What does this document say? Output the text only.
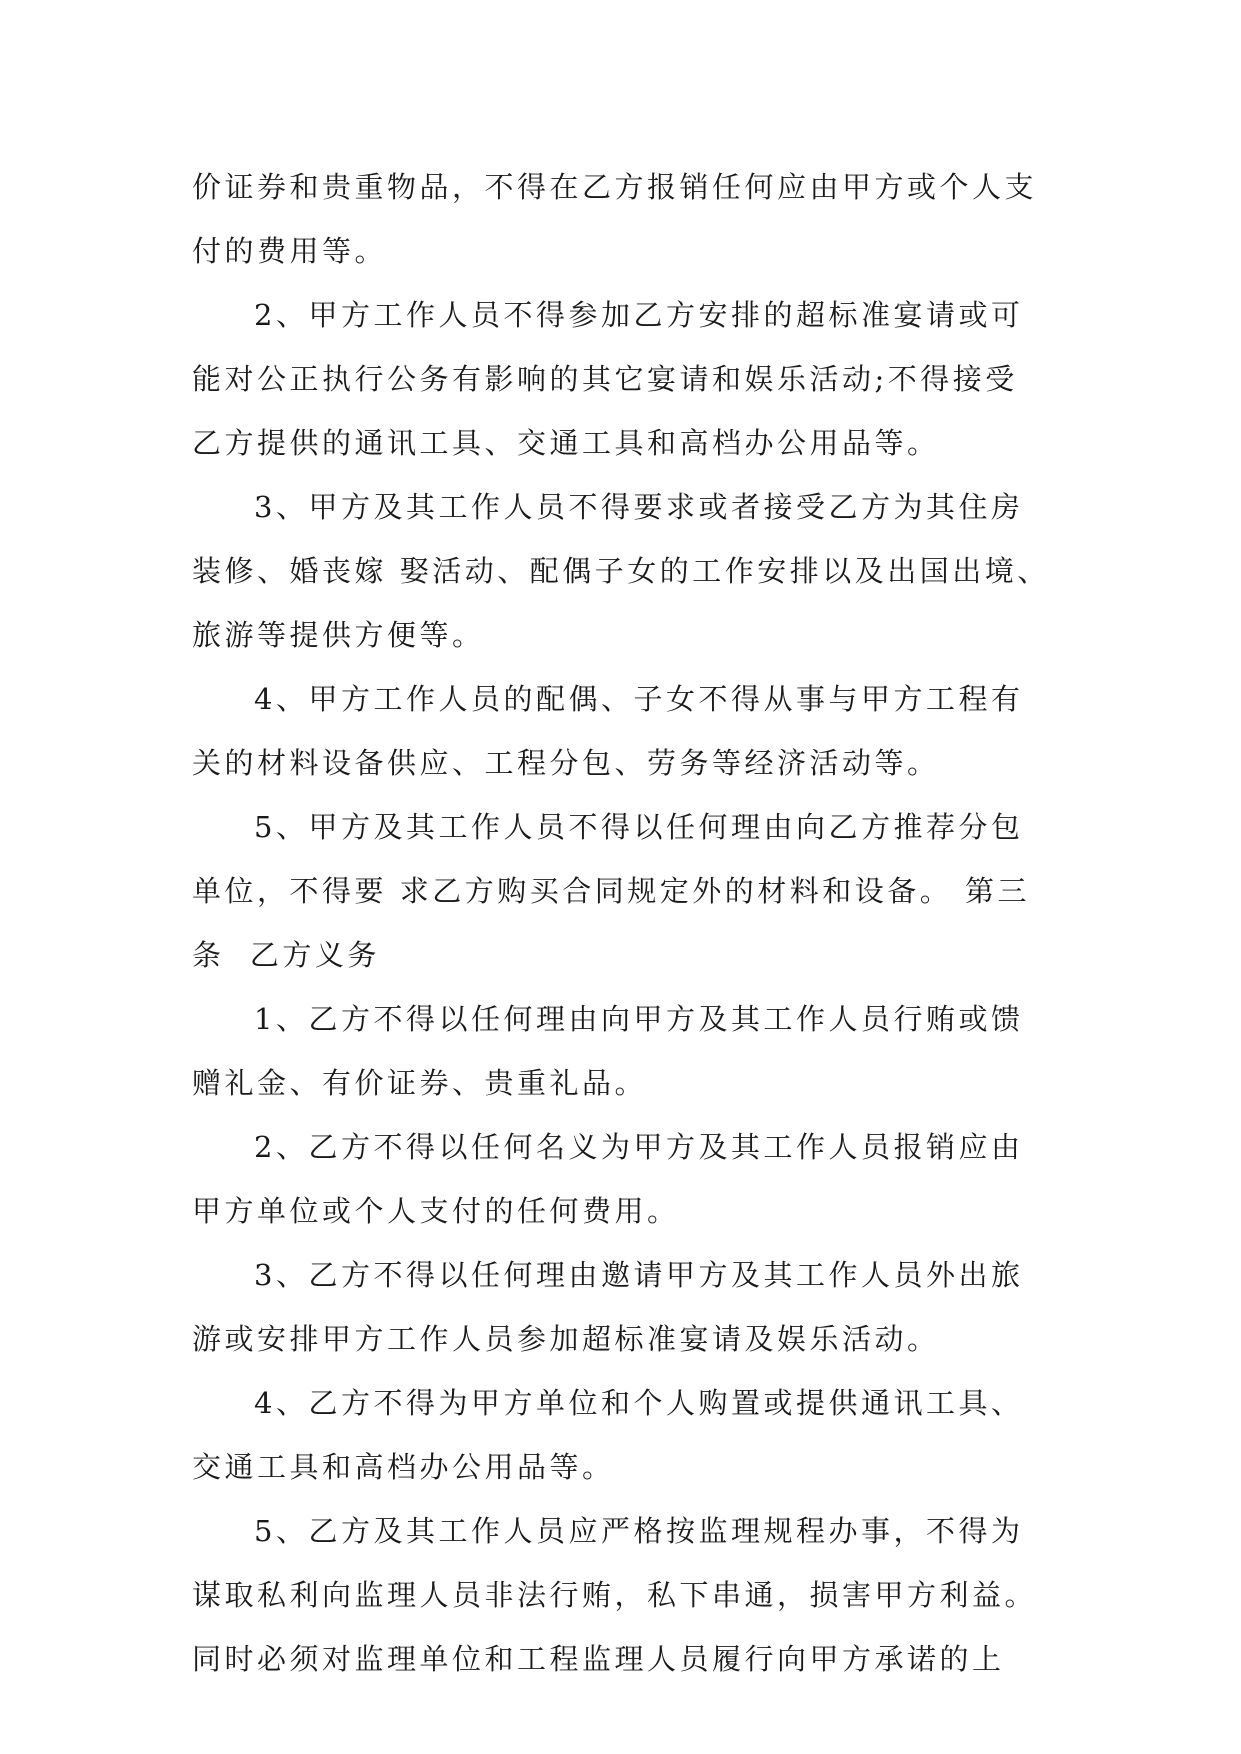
价证券和贵重物品，不得在乙方报销任何应由甲方或个人支
付的费用等。
2、甲方工作人员不得参加乙方安排的超标准宴请或可
能对公正执行公务有影响的其它宴请和娱乐活动;不得接受
乙方提供的通讯工具、交通工具和高档办公用品等。
3、甲方及其工作人员不得要求或者接受乙方为其住房
装修、婚丧嫁 娶活动、配偶子女的工作安排以及出国出境、
旅游等提供方便等。
4、甲方工作人员的配偶、子女不得从事与甲方工程有
关的材料设备供应、工程分包、劳务等经济活动等。
5、甲方及其工作人员不得以任何理由向乙方推荐分包
单位，不得要 求乙方购买合同规定外的材料和设备。 第三
条  乙方义务
1、乙方不得以任何理由向甲方及其工作人员行贿或馈
赠礼金、有价证券、贵重礼品。
2、乙方不得以任何名义为甲方及其工作人员报销应由
甲方单位或个人支付的任何费用。
3、乙方不得以任何理由邀请甲方及其工作人员外出旅
游或安排甲方工作人员参加超标准宴请及娱乐活动。
4、乙方不得为甲方单位和个人购置或提供通讯工具、
交通工具和高档办公用品等。
5、乙方及其工作人员应严格按监理规程办事，不得为
谋取私利向监理人员非法行贿，私下串通，损害甲方利益。
同时必须对监理单位和工程监理人员履行向甲方承诺的上
